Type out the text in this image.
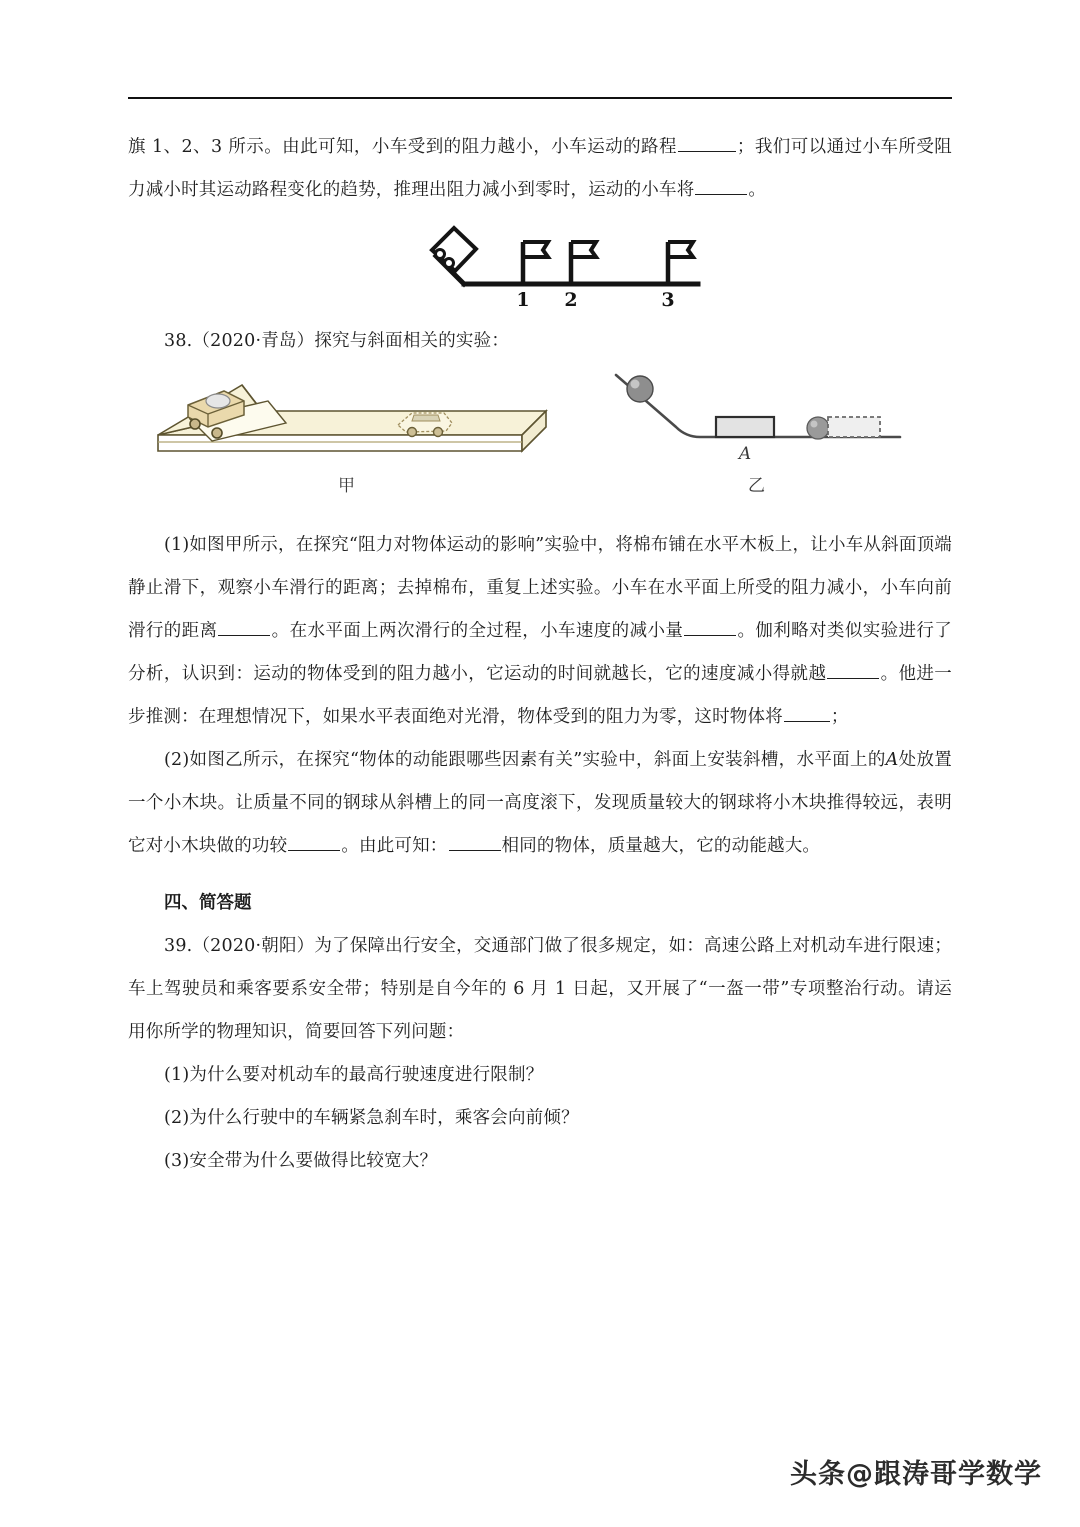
旗 1、2、3 所示。由此可知，小车受到的阻力越小，小车运动的路程	；我们可以通过小车所受阻力减小时其运动路程变化的趋势，推理出阻力减小到零时，运动的小车将	。

1 2	3

38.（2020·青岛）探究与斜面相关的实验：

A
甲	乙

(1)如图甲所示，在探究“阻力对物体运动的影响”实验中，将棉布铺在水平木板上，让小车从斜面顶端静止滑下，观察小车滑行的距离；去掉棉布，重复上述实验。小车在水平面上所受的阻力减小，小车向前滑行的距离	。在水平面上两次滑行的全过程，小车速度的减小量	。伽利略对类似实验进行了分析，认识到：运动的物体受到的阻力越小，它运动的时间就越长，它的速度减小得就越	。他进一步推测：在理想情况下，如果水平表面绝对光滑，物体受到的阻力为零，这时物体将	；

(2)如图乙所示，在探究“物体的动能跟哪些因素有关”实验中，斜面上安装斜槽，水平面上的A处放置一个小木块。让质量不同的钢球从斜槽上的同一高度滚下，发现质量较大的钢球将小木块推得较远，表明它对小木块做的功较	。由此可知：	相同的物体，质量越大，它的动能越大。

四、简答题

39.（2020·朝阳）为了保障出行安全，交通部门做了很多规定，如：高速公路上对机动车进行限速；车上驾驶员和乘客要系安全带；特别是自今年的 6 月 1 日起，又开展了“一盔一带”专项整治行动。请运用你所学的物理知识，简要回答下列问题：

(1)为什么要对机动车的最高行驶速度进行限制？

(2)为什么行驶中的车辆紧急刹车时，乘客会向前倾？

(3)安全带为什么要做得比较宽大？

头条@跟涛哥学数学
